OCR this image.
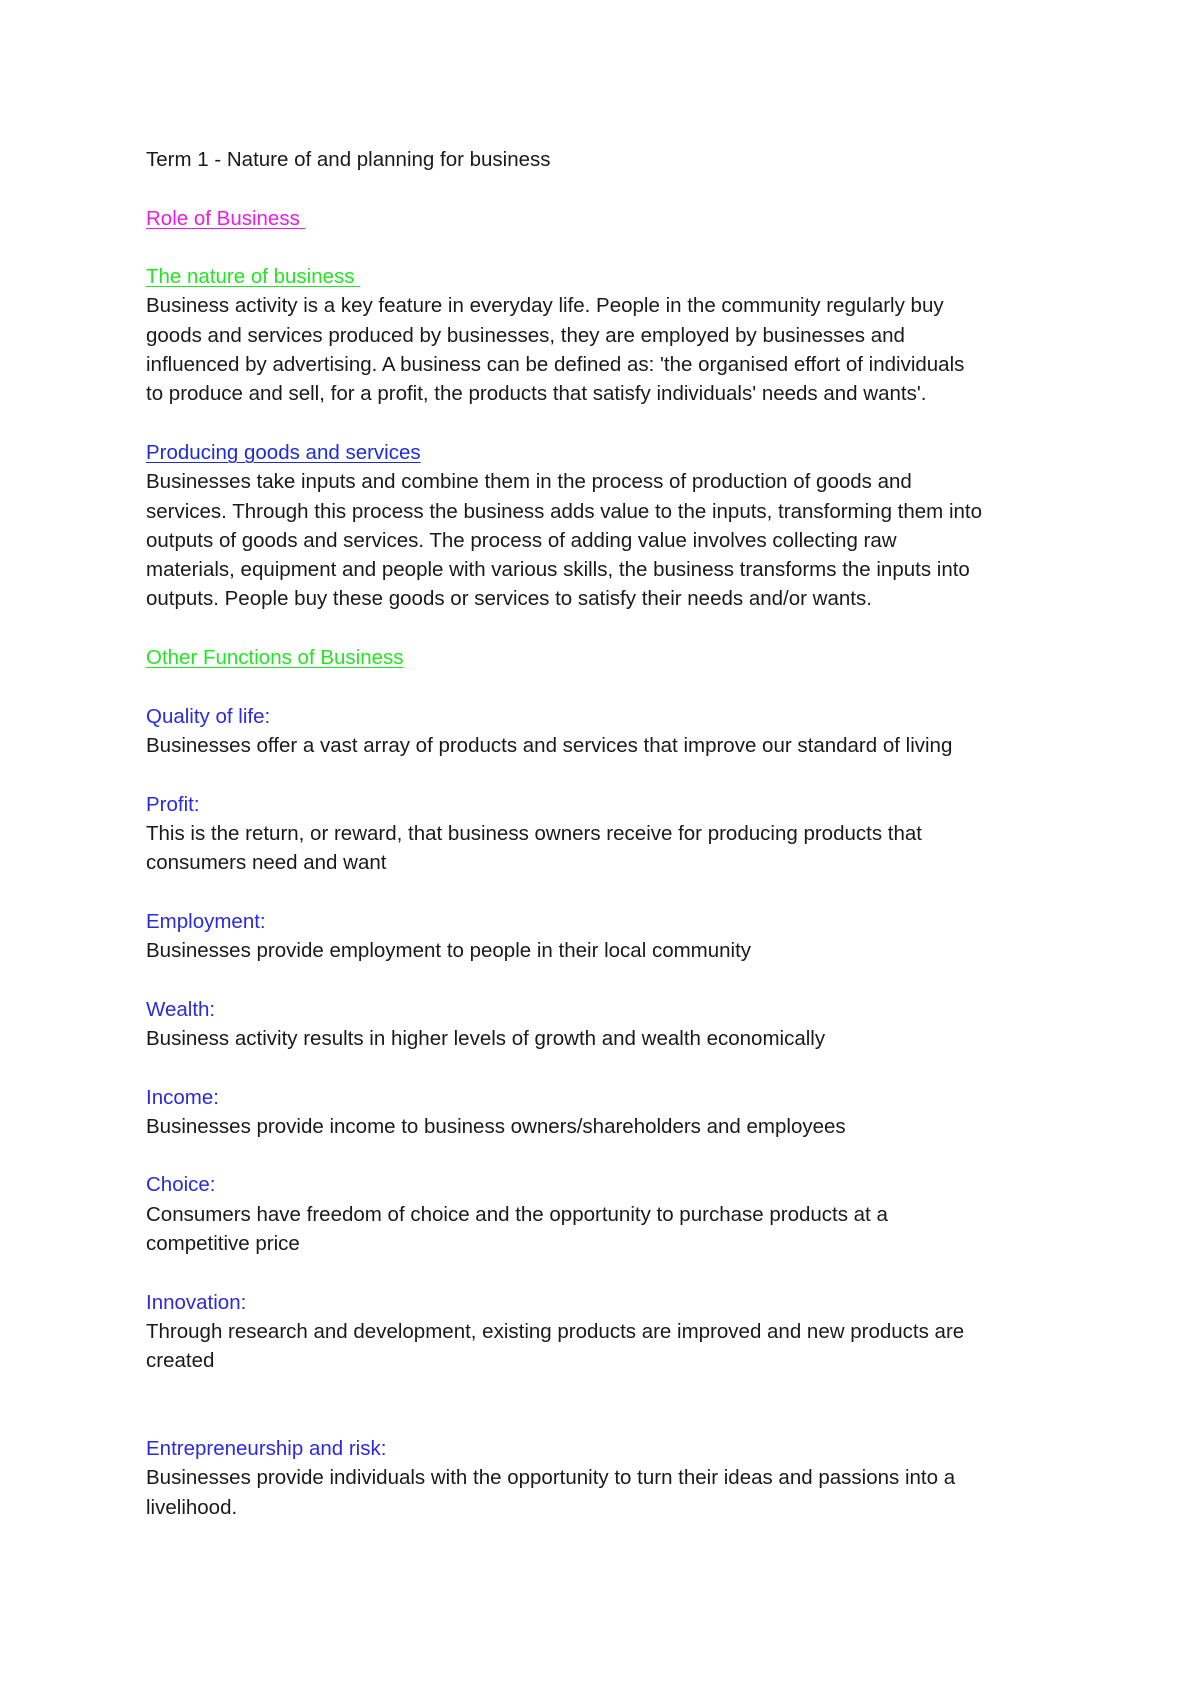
Term 1 - Nature of and planning for business
Role of Business
The nature of business
Business activity is a key feature in everyday life. People in the community regularly buy
goods and services produced by businesses, they are employed by businesses and
influenced by advertising. A business can be defined as: 'the organised effort of individuals
to produce and sell, for a profit, the products that satisfy individuals' needs and wants'.
Producing goods and services
Businesses take inputs and combine them in the process of production of goods and
services. Through this process the business adds value to the inputs, transforming them into
outputs of goods and services. The process of adding value involves collecting raw
materials, equipment and people with various skills, the business transforms the inputs into
outputs. People buy these goods or services to satisfy their needs and/or wants.
Other Functions of Business
Quality of life:
Businesses offer a vast array of products and services that improve our standard of living
Profit:
This is the return, or reward, that business owners receive for producing products that
consumers need and want
Employment:
Businesses provide employment to people in their local community
Wealth:
Business activity results in higher levels of growth and wealth economically
Income:
Businesses provide income to business owners/shareholders and employees
Choice:
Consumers have freedom of choice and the opportunity to purchase products at a
competitive price
Innovation:
Through research and development, existing products are improved and new products are
created
Entrepreneurship and risk:
Businesses provide individuals with the opportunity to turn their ideas and passions into a
livelihood.
